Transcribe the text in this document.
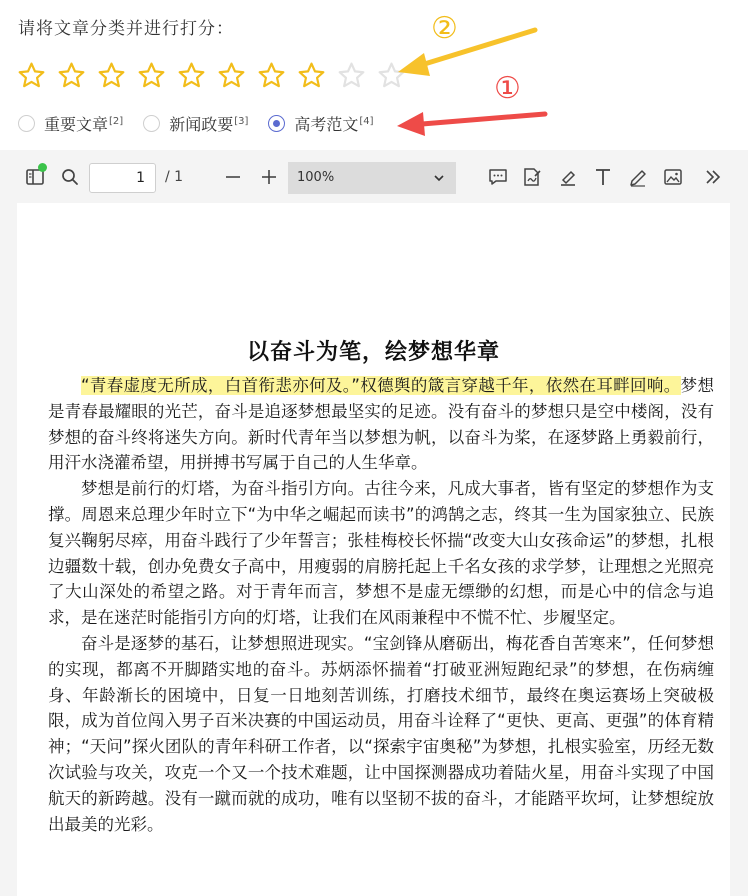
请将文章分类并进行打分：
重要文章[2]	新闻政要[3]	高考范文[4]
②
①
1	/ 1	100%
以奋斗为笔，绘梦想华章

“青春虚度无所成，白首衔悲亦何及。”权德舆的箴言穿越千年，依然在耳畔回响。梦想是青春最耀眼的光芒，奋斗是追逐梦想最坚实的足迹。没有奋斗的梦想只是空中楼阁，没有梦想的奋斗终将迷失方向。新时代青年当以梦想为帆，以奋斗为桨，在逐梦路上勇毅前行，用汗水浇灌希望，用拼搏书写属于自己的人生华章。

梦想是前行的灯塔，为奋斗指引方向。古往今来，凡成大事者，皆有坚定的梦想作为支撑。周恩来总理少年时立下“为中华之崛起而读书”的鸿鹄之志，终其一生为国家独立、民族复兴鞠躬尽瘁，用奋斗践行了少年誓言；张桂梅校长怀揣“改变大山女孩命运”的梦想，扎根边疆数十载，创办免费女子高中，用瘦弱的肩膀托起上千名女孩的求学梦，让理想之光照亮了大山深处的希望之路。对于青年而言，梦想不是虚无缥缈的幻想，而是心中的信念与追求，是在迷茫时能指引方向的灯塔，让我们在风雨兼程中不慌不忙、步履坚定。

奋斗是逐梦的基石，让梦想照进现实。“宝剑锋从磨砺出，梅花香自苦寒来”，任何梦想的实现，都离不开脚踏实地的奋斗。苏炳添怀揣着“打破亚洲短跑纪录”的梦想，在伤病缠身、年龄渐长的困境中，日复一日地刻苦训练，打磨技术细节，最终在奥运赛场上突破极限，成为首位闯入男子百米决赛的中国运动员，用奋斗诠释了“更快、更高、更强”的体育精神；“天问”探火团队的青年科研工作者，以“探索宇宙奥秘”为梦想，扎根实验室，历经无数次试验与攻关，攻克一个又一个技术难题，让中国探测器成功着陆火星，用奋斗实现了中国航天的新跨越。没有一蹴而就的成功，唯有以坚韧不拔的奋斗，才能踏平坎坷，让梦想绽放出最美的光彩。
